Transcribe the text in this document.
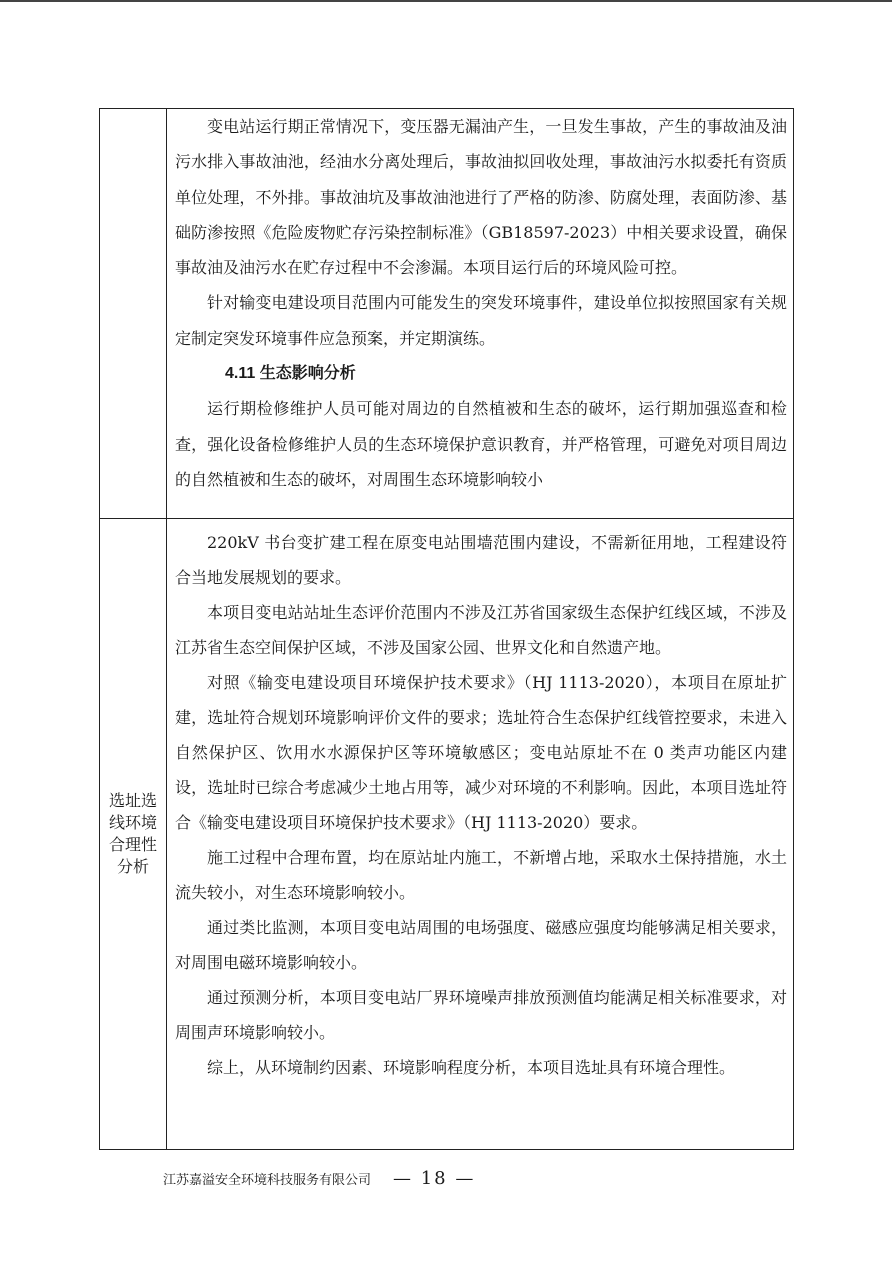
变电站运行期正常情况下，变压器无漏油产生，一旦发生事故，产生的事故油及油污水排入事故油池，经油水分离处理后，事故油拟回收处理，事故油污水拟委托有资质单位处理，不外排。事故油坑及事故油池进行了严格的防渗、防腐处理，表面防渗、基础防渗按照《危险废物贮存污染控制标准》（GB18597-2023）中相关要求设置，确保事故油及油污水在贮存过程中不会渗漏。本项目运行后的环境风险可控。

针对输变电建设项目范围内可能发生的突发环境事件，建设单位拟按照国家有关规定制定突发环境事件应急预案，并定期演练。

4.11 生态影响分析

运行期检修维护人员可能对周边的自然植被和生态的破坏，运行期加强巡查和检查，强化设备检修维护人员的生态环境保护意识教育，并严格管理，可避免对项目周边的自然植被和生态的破坏，对周围生态环境影响较小

选址选线环境合理性分析

220kV 书台变扩建工程在原变电站围墙范围内建设，不需新征用地，工程建设符合当地发展规划的要求。

本项目变电站站址生态评价范围内不涉及江苏省国家级生态保护红线区域，不涉及江苏省生态空间保护区域，不涉及国家公园、世界文化和自然遗产地。

对照《输变电建设项目环境保护技术要求》（HJ 1113-2020），本项目在原址扩建，选址符合规划环境影响评价文件的要求；选址符合生态保护红线管控要求，未进入自然保护区、饮用水水源保护区等环境敏感区；变电站原址不在 0 类声功能区内建设，选址时已综合考虑减少土地占用等，减少对环境的不利影响。因此，本项目选址符合《输变电建设项目环境保护技术要求》（HJ 1113-2020）要求。

施工过程中合理布置，均在原站址内施工，不新增占地，采取水土保持措施，水土流失较小，对生态环境影响较小。

通过类比监测，本项目变电站周围的电场强度、磁感应强度均能够满足相关要求，对周围电磁环境影响较小。

通过预测分析，本项目变电站厂界环境噪声排放预测值均能满足相关标准要求，对周围声环境影响较小。

综上，从环境制约因素、环境影响程度分析，本项目选址具有环境合理性。

江苏嘉溢安全环境科技服务有限公司	— 18 —
